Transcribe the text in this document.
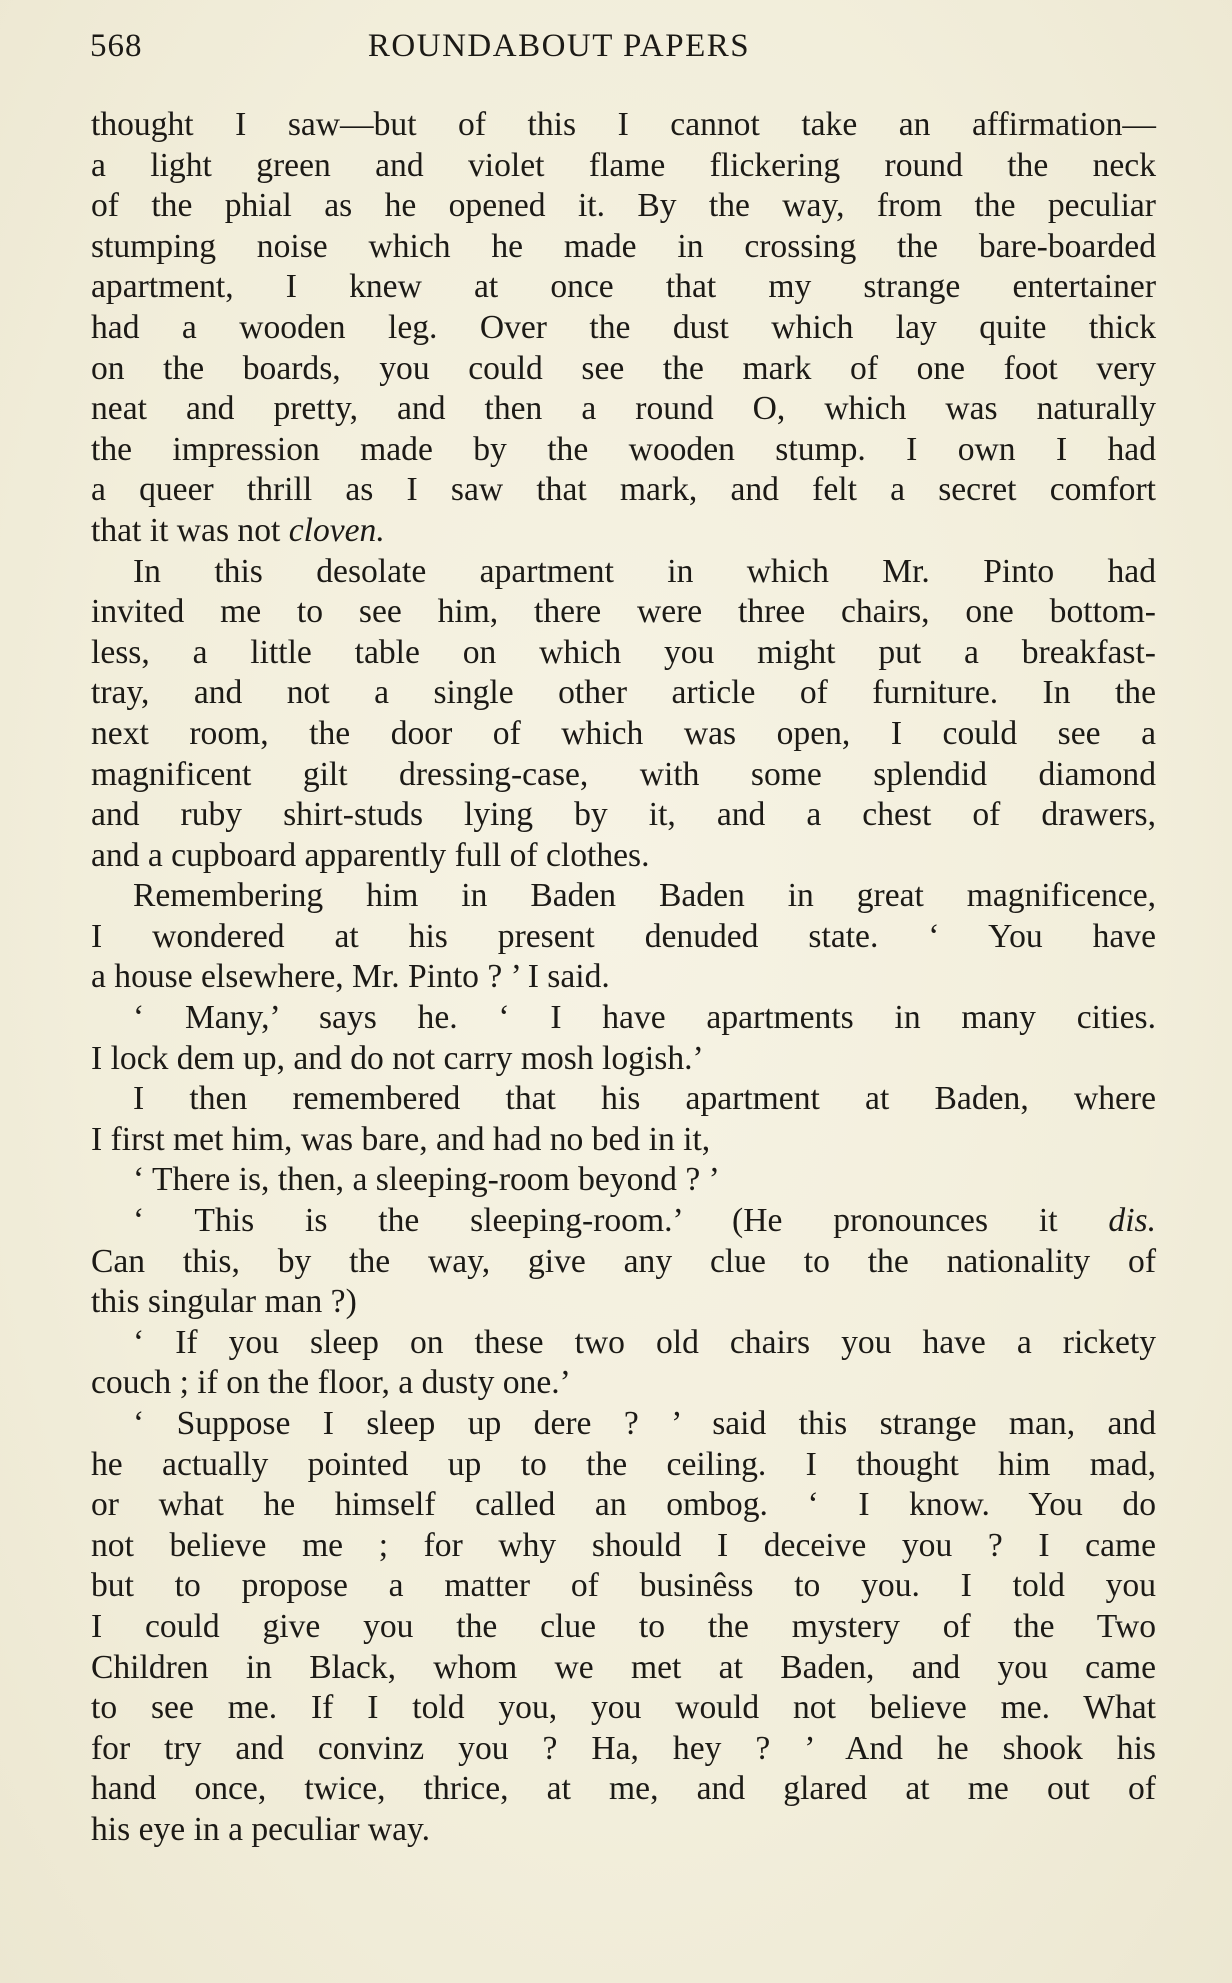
568	ROUNDABOUT PAPERS
thought I saw—but of this I cannot take an affirmation—
a light green and violet flame flickering round the neck
of the phial as he opened it. By the way, from the peculiar
stumping noise which he made in crossing the bare-boarded
apartment, I knew at once that my strange entertainer
had a wooden leg. Over the dust which lay quite thick
on the boards, you could see the mark of one foot very
neat and pretty, and then a round O, which was naturally
the impression made by the wooden stump. I own I had
a queer thrill as I saw that mark, and felt a secret comfort
that it was not cloven.
In this desolate apartment in which Mr. Pinto had
invited me to see him, there were three chairs, one bottom-
less, a little table on which you might put a breakfast-
tray, and not a single other article of furniture. In the
next room, the door of which was open, I could see a
magnificent gilt dressing-case, with some splendid diamond
and ruby shirt-studs lying by it, and a chest of drawers,
and a cupboard apparently full of clothes.
Remembering him in Baden Baden in great magnificence,
I wondered at his present denuded state. ‘ You have
a house elsewhere, Mr. Pinto ? ’ I said.
‘ Many,’ says he. ‘ I have apartments in many cities.
I lock dem up, and do not carry mosh logish.’
I then remembered that his apartment at Baden, where
I first met him, was bare, and had no bed in it,
‘ There is, then, a sleeping-room beyond ? ’
‘ This is the sleeping-room.’ (He pronounces it dis.
Can this, by the way, give any clue to the nationality of
this singular man ?)
‘ If you sleep on these two old chairs you have a rickety
couch ; if on the floor, a dusty one.’
‘ Suppose I sleep up dere ? ’ said this strange man, and
he actually pointed up to the ceiling. I thought him mad,
or what he himself called an ombog. ‘ I know. You do
not believe me ; for why should I deceive you ? I came
but to propose a matter of businêss to you. I told you
I could give you the clue to the mystery of the Two
Children in Black, whom we met at Baden, and you came
to see me. If I told you, you would not believe me. What
for try and convinz you ? Ha, hey ? ’ And he shook his
hand once, twice, thrice, at me, and glared at me out of
his eye in a peculiar way.
